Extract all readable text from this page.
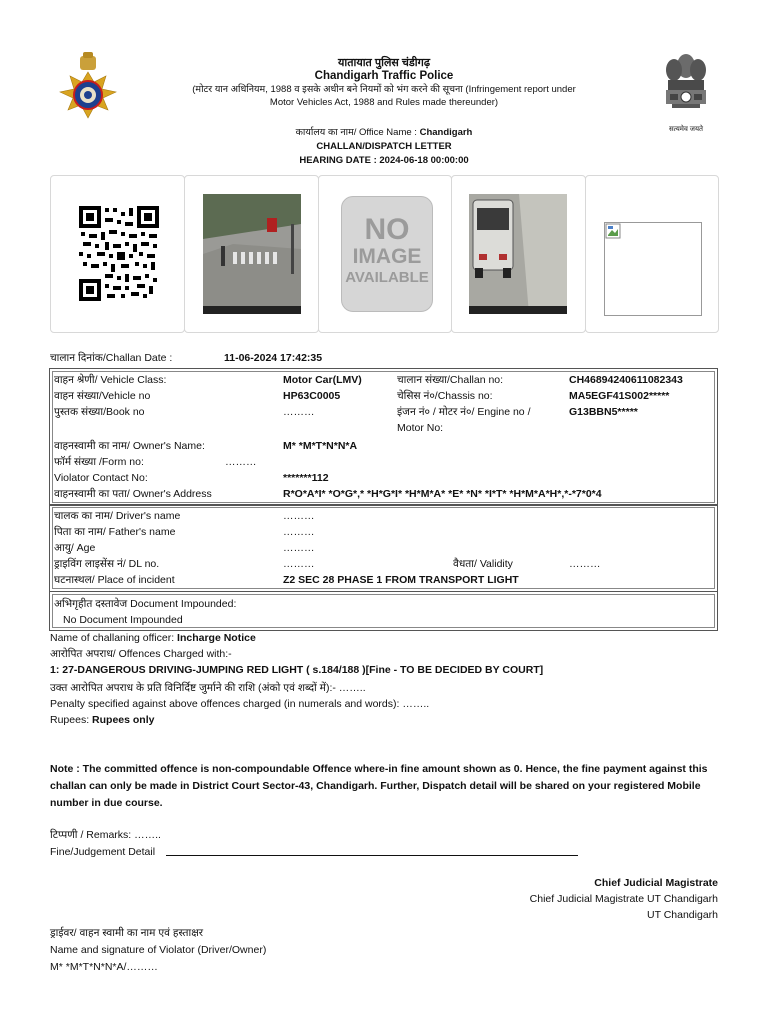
यातायात पुलिस चंडीगढ़
Chandigarh Traffic Police
(मोटर यान अधिनियम, 1988 व इसके अधीन बने नियमों को भंग करने की सूचना (Infringement report under
Motor Vehicles Act, 1988 and Rules made thereunder)
कार्यालय का नाम/ Office Name : Chandigarh
CHALLAN/DISPATCH LETTER
HEARING DATE : 2024-06-18 00:00:00
सत्यमेव जयते
NO
IMAGE
AVAILABLE
चालान दिनांक/Challan Date :	11-06-2024 17:42:35
वाहन श्रेणी/ Vehicle Class:	Motor Car(LMV)	चालान संख्या/Challan no:	CH46894240611082343
वाहन संख्या/Vehicle no	HP63C0005	चेसिस नं०/Chassis no:	MA5EGF41S002*****
पुस्तक संख्या/Book no	………	इंजन नं० / मोटर नं०/ Engine no /	G13BBN5*****
Motor No:
वाहनस्वामी का नाम/ Owner's Name:	M* *M*T*N*N*A
फॉर्म संख्या /Form no:	………
Violator Contact No:	*******112
वाहनस्वामी का पता/ Owner's Address	R*O*A*I* *O*G*,* *H*G*I* *H*M*A* *E* *N* *I*T* *H*M*A*H*,*-*7*0*4
चालक का नाम/ Driver's name	………
पिता का नाम/ Father's name	………
आयु/ Age	………
ड्राइविंग लाइसेंस नं/ DL no.	………	वैधता/ Validity	………
घटनास्थल/ Place of incident	Z2 SEC 28 PHASE 1 FROM TRANSPORT LIGHT
अभिगृहीत दस्तावेज Document Impounded:
No Document Impounded
Name of challaning officer: Incharge Notice
आरोपित अपराध/ Offences Charged with:-
1: 27-DANGEROUS DRIVING-JUMPING RED LIGHT ( s.184/188 )[Fine - TO BE DECIDED BY COURT]
उक्त आरोपित अपराध के प्रति विनिर्दिष्ट जुर्माने की राशि (अंको एवं शब्दों में):- ……..
Penalty specified against above offences charged (in numerals and words): ……..
Rupees: Rupees only
Note : The committed offence is non-compoundable Offence where-in fine amount shown as 0. Hence, the fine payment against this
challan can only be made in District Court Sector-43, Chandigarh. Further, Dispatch detail will be shared on your registered Mobile
number in due course.
टिप्पणी / Remarks: ……..
Fine/Judgement Detail
Chief Judicial Magistrate
Chief Judicial Magistrate UT Chandigarh
UT Chandigarh
ड्राईवर/ वाहन स्वामी का नाम एवं हस्ताक्षर
Name and signature of Violator (Driver/Owner)
M* *M*T*N*N*A/………
